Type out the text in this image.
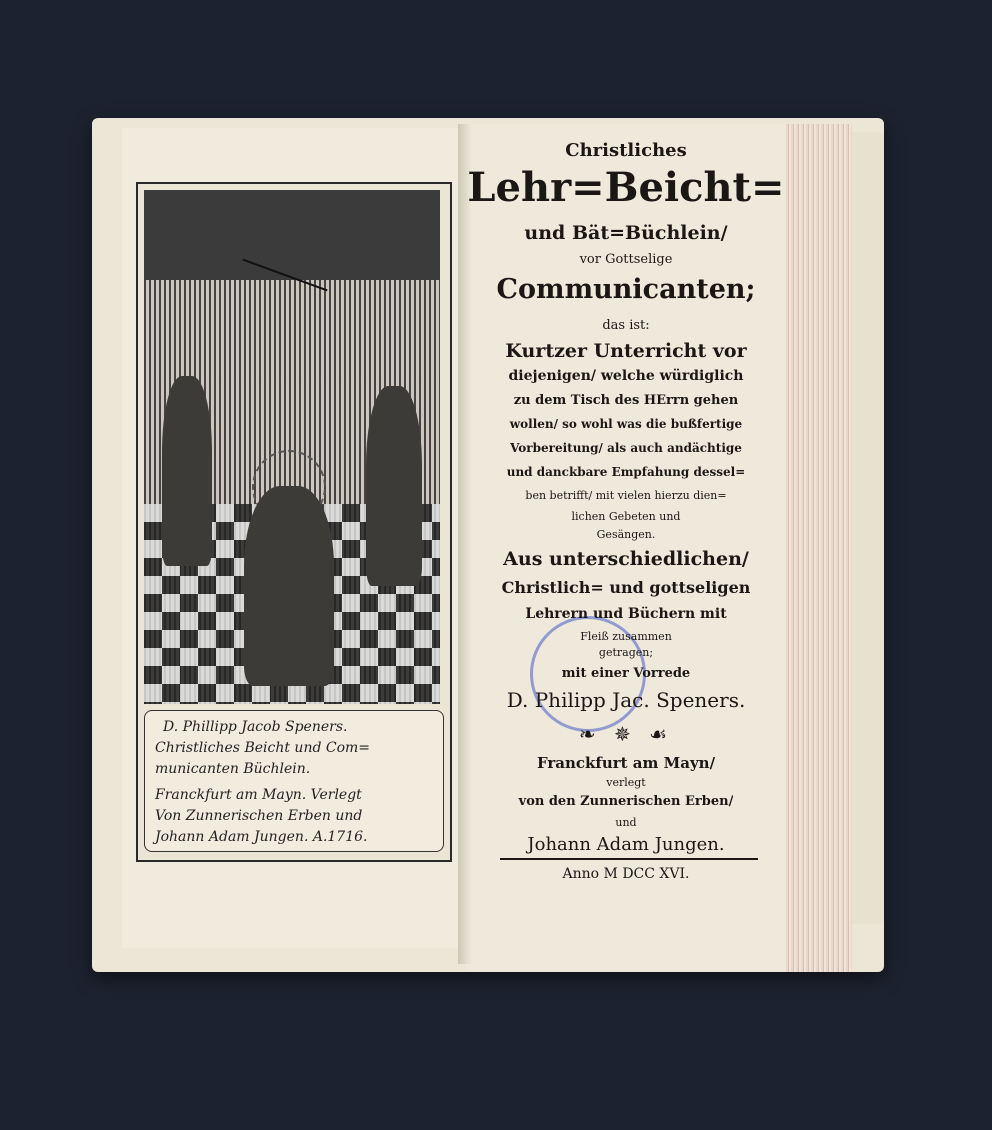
D. Phillipp Jacob Speners.
Christliches Beicht und Com=
municanten Büchlein.
Franckfurt am Mayn. Verlegt
Von Zunnerischen Erben und
Johann Adam Jungen. A.1716.
Christliches
Lehr=Beicht=
und Bät=Büchlein/
vor Gottselige
Communicanten;
das ist:
Kurtzer Unterricht vor
diejenigen/ welche würdiglich
zu dem Tisch des HErrn gehen
wollen/ so wohl was die bußfertige
Vorbereitung/ als auch andächtige
und danckbare Empfahung dessel=
ben betrifft/ mit vielen hierzu dien=
lichen Gebeten und
Gesängen.
Aus unterschiedlichen/
Christlich= und gottseligen
Lehrern und Büchern mit
Fleiß zusammen
getragen;
mit einer Vorrede
D. Philipp Jac. Speners.
❧ ✵ ☙
Franckfurt am Mayn/
verlegt
von den Zunnerischen Erben/
und
Johann Adam Jungen.
Anno M DCC XVI.
